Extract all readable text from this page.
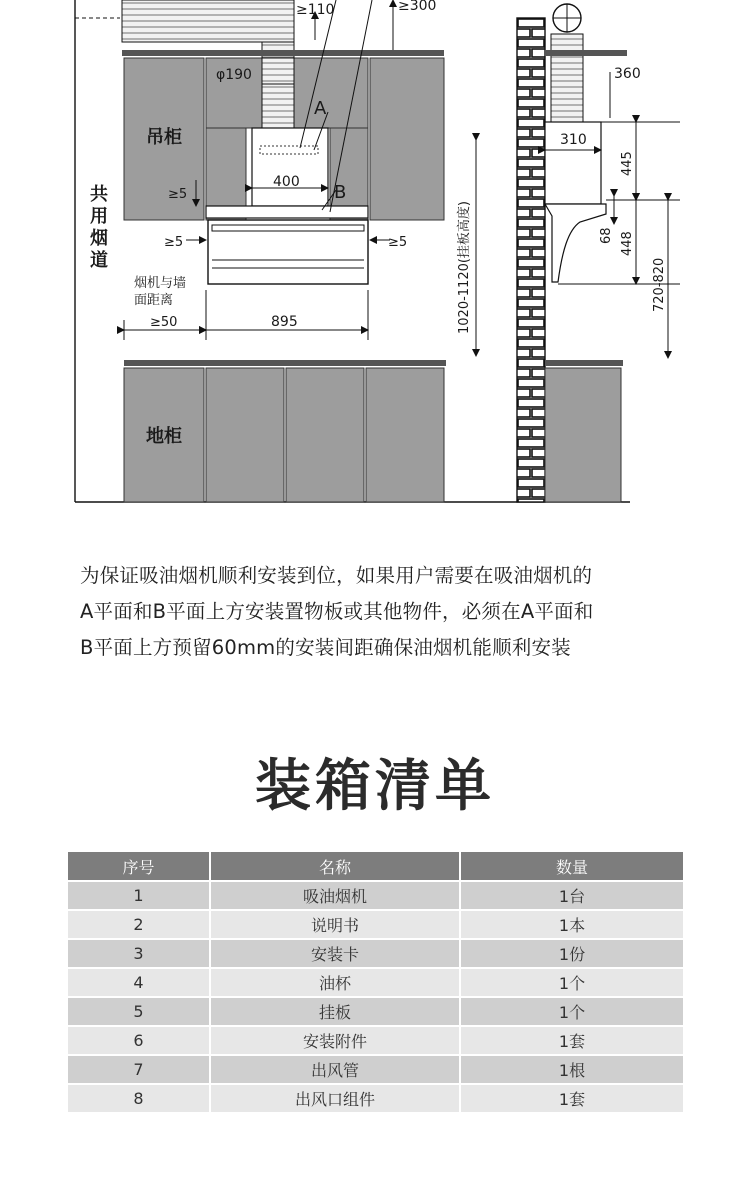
≥110	≥300
φ190
A
B
400
≥5
≥5	≥5
≥50	895
吊柜
地柜
共
用
烟
道
烟机与墙
面距离	1020-1120(挂板高度)
360
310
445
68 448
720-820

为保证吸油烟机顺利安装到位，如果用户需要在吸油烟机的

A平面和B平面上方安装置物板或其他物件，必须在A平面和

B平面上方预留60mm的安装间距确保油烟机能顺利安装

装箱清单
序号	名称	数量
1	吸油烟机	1台
2	说明书	1本
3	安装卡	1份
4	油杯	1个
5	挂板	1个
6	安装附件	1套
7	出风管	1根
8	出风口组件	1套
